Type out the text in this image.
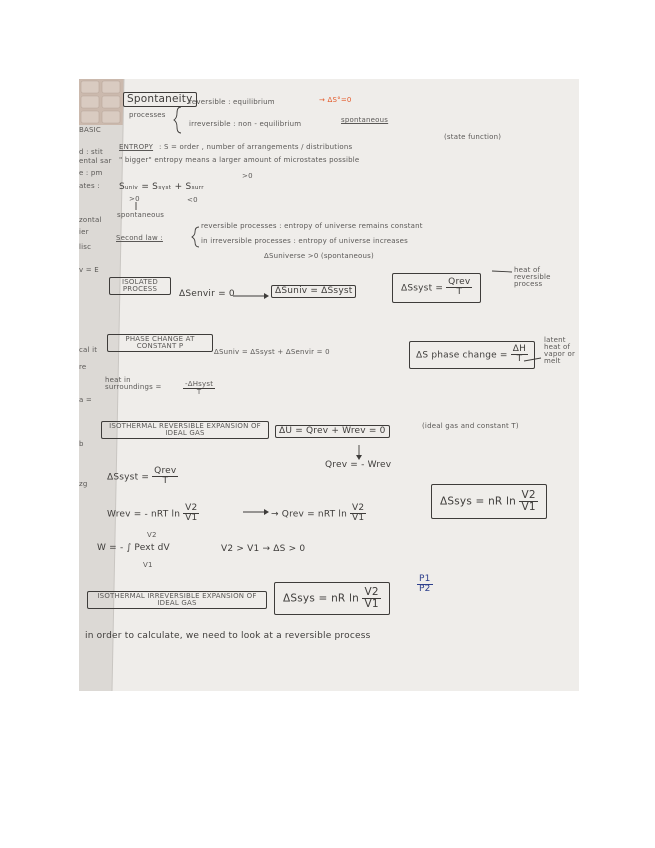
Spontaneity
processes
reversible : equilibrium	→ ΔS°=0
irreversible : non - equilibrium	spontaneous
BASIC
d : stit
ental sar
e : pm
ates :
zontal
ier
lisc
v = E
cal it
re
a =
b
zg
ENTROPY : S = order , number of arrangements / distributions
(state function)
" bigger" entropy means a larger amount of microstates possible
Sᵤₙᵢᵥ = Sₛᵧₛₜ + Sₛᵤᵣᵣ
>0
>0	<0
spontaneous
Second law :
reversible processes : entropy of universe remains constant
in irreversible processes : entropy of universe increases
ΔSuniverse >0 (spontaneous)
ISOLATED PROCESS	ΔSenvir = 0	ΔSuniv = ΔSsyst	ΔSsyst = $\frac{\text{Qrev}}{T}$
heat of reversible process
PHASE CHANGE AT CONSTANT P
ΔSuniv = ΔSsyst + ΔSenvir = 0	ΔS phase change = $\frac{\Delta H}{T}$
latent heat of vapor or melt
heat in surroundings =	-ΔHsyst
T
ISOTHERMAL REVERSIBLE EXPANSION OF IDEAL GAS	ΔU = Qrev + Wrev = 0	(ideal gas and constant T)
Qrev = - Wrev
ΔSsyst = $\frac{\text{Qrev}}{T}$
Wrev = - nRT $\ln \frac{V2}{V1}$	→ Qrev = nRT $\ln \frac{V2}{V1}$
ΔSsys = nR $\ln \frac{V2}{V1}$
W = - ∫ Pext dV
V2
V1
V2 > V1 → ΔS > 0
ISOTHERMAL IRREVERSIBLE EXPANSION OF IDEAL GAS	ΔSsys = nR $\ln \frac{V2}{V1}$
$\frac{P1}{P2}$
in order to calculate, we need to look at a reversible process
